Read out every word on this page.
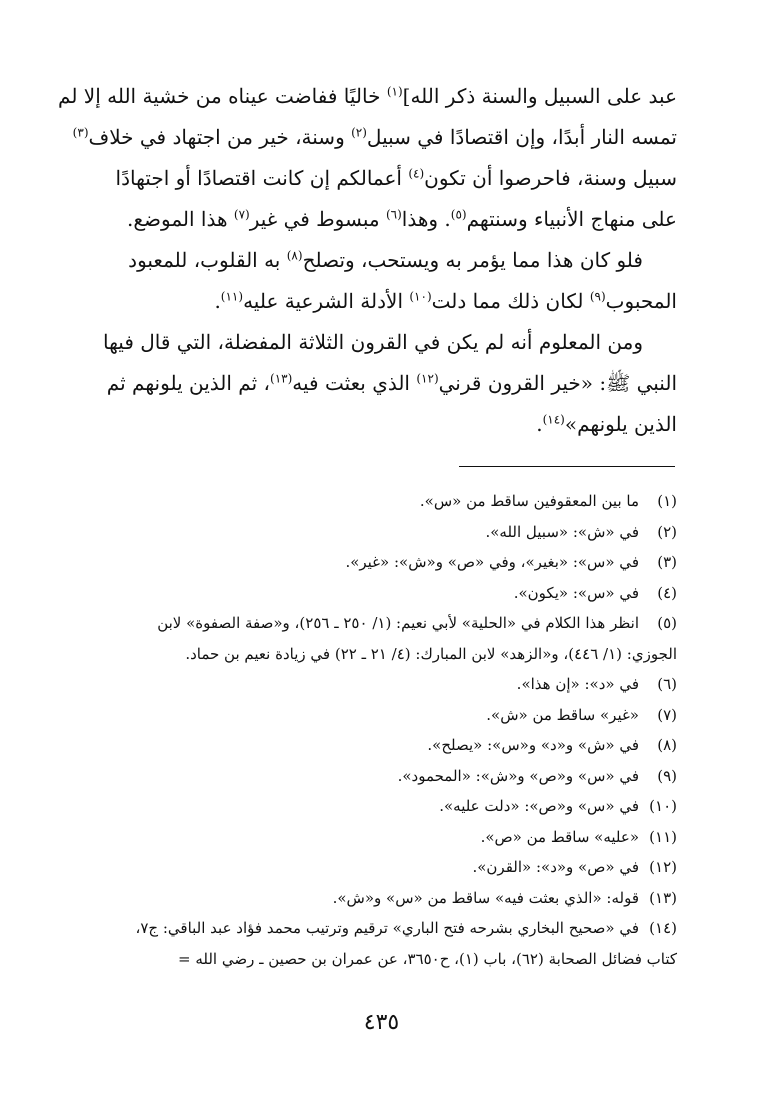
عبد على السبيل والسنة ذكر الله]$^{(١)}$ خاليًا ففاضت عيناه من خشية الله إلا لم

تمسه النار أبدًا، وإن اقتصادًا في سبيل$^{(٢)}$ وسنة، خير من اجتهاد في خلاف$^{(٣)}$

سبيل وسنة، فاحرصوا أن تكون$^{(٤)}$ أعمالكم إن كانت اقتصادًا أو اجتهادًا

على منهاج الأنبياء وسنتهم$^{(٥)}$. وهذا$^{(٦)}$ مبسوط في غير$^{(٧)}$ هذا الموضع.

فلو كان هذا مما يؤمر به ويستحب، وتصلح$^{(٨)}$ به القلوب، للمعبود

المحبوب$^{(٩)}$ لكان ذلك مما دلت$^{(١٠)}$ الأدلة الشرعية عليه$^{(١١)}$.

ومن المعلوم أنه لم يكن في القرون الثلاثة المفضلة، التي قال فيها

النبي ﷺ: «خير القرون قرني$^{(١٢)}$ الذي بعثت فيه$^{(١٣)}$، ثم الذين يلونهم ثم

الذين يلونهم»$^{(١٤)}$.

(١)
ما بين المعقوفين ساقط من «س».
(٢)
في «ش»: «سبيل الله».
(٣)
في «س»: «بغير»، وفي «ص» و«ش»: «غير».
(٤)
في «س»: «يكون».
(٥)
انظر هذا الكلام في «الحلية» لأبي نعيم: (١/ ٢٥٠ ـ ٢٥٦)، و«صفة الصفوة» لابن
الجوزي: (١/ ٤٤٦)، و«الزهد» لابن المبارك: (٤/ ٢١ ـ ٢٢) في زيادة نعيم بن حماد.
(٦)
في «د»: «إن هذا».
(٧)
«غير» ساقط من «ش».
(٨)
في «ش» و«د» و«س»: «يصلح».
(٩)
في «س» و«ص» و«ش»: «المحمود».
(١٠)
في «س» و«ص»: «دلت عليه».
(١١)
«عليه» ساقط من «ص».
(١٢)
في «ص» و«د»: «القرن».
(١٣)
قوله: «الذي بعثت فيه» ساقط من «س» و«ش».
(١٤)
في «صحيح البخاري بشرحه فتح الباري» ترقيم وترتيب محمد فؤاد عبد الباقي: ج٧،
كتاب فضائل الصحابة (٦٢)، باب (١)، ح٣٦٥٠، عن عمران بن حصين ـ رضي الله =
٤٣٥
